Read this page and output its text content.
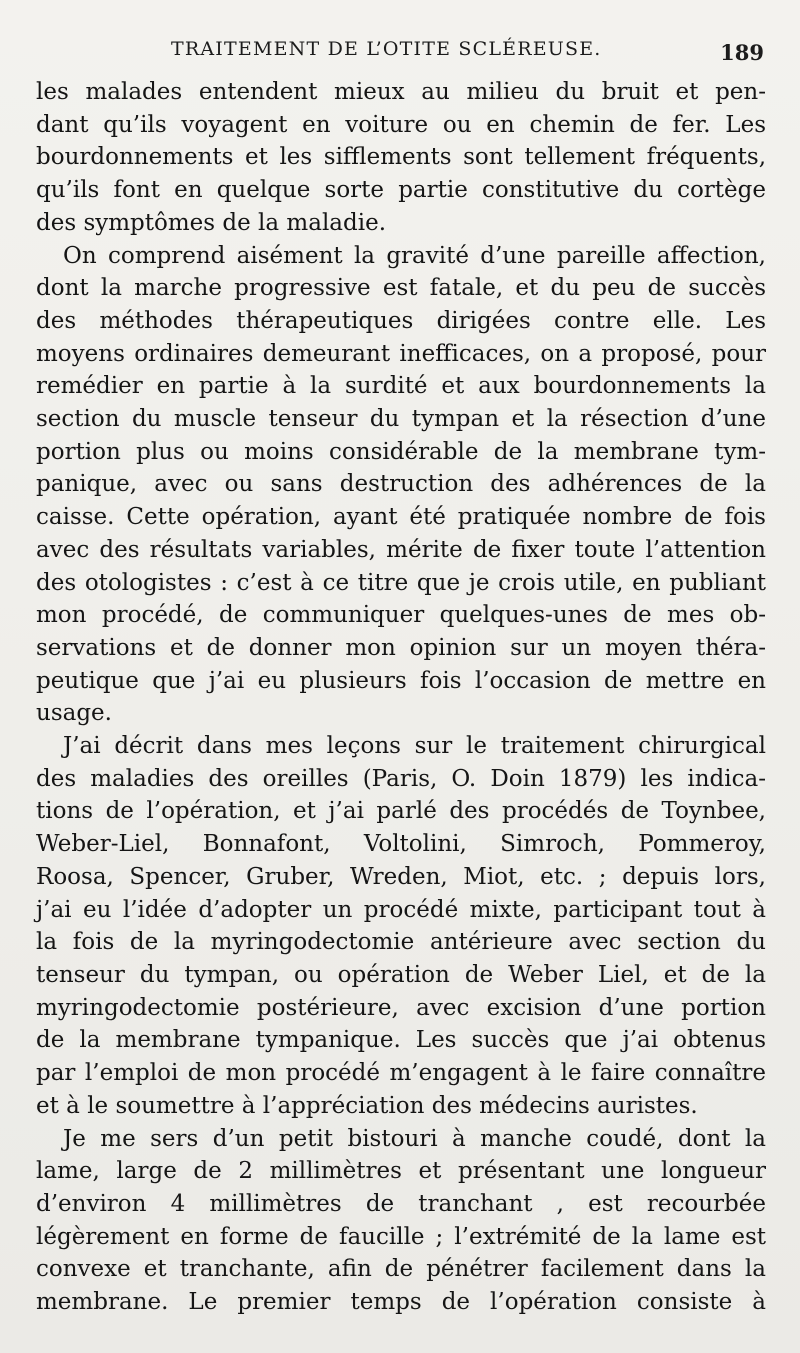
TRAITEMENT DE L’OTITE SCLÉREUSE.	189
les malades entendent mieux au milieu du bruit et pen-
dant qu’ils voyagent en voiture ou en chemin de fer. Les
bourdonnements et les sifflements sont tellement fréquents,
qu’ils font en quelque sorte partie constitutive du cortège
des symptômes de la maladie.
On comprend aisément la gravité d’une pareille affection,
dont la marche progressive est fatale, et du peu de succès
des méthodes thérapeutiques dirigées contre elle. Les
moyens ordinaires demeurant inefficaces, on a proposé, pour
remédier en partie à la surdité et aux bourdonnements la
section du muscle tenseur du tympan et la résection d’une
portion plus ou moins considérable de la membrane tym-
panique, avec ou sans destruction des adhérences de la
caisse. Cette opération, ayant été pratiquée nombre de fois
avec des résultats variables, mérite de fixer toute l’attention
des otologistes : c’est à ce titre que je crois utile, en publiant
mon procédé, de communiquer quelques-unes de mes ob-
servations et de donner mon opinion sur un moyen théra-
peutique que j’ai eu plusieurs fois l’occasion de mettre en
usage.
J’ai décrit dans mes leçons sur le traitement chirurgical
des maladies des oreilles (Paris, O. Doin 1879) les indica-
tions de l’opération, et j’ai parlé des procédés de Toynbee,
Weber-Liel, Bonnafont, Voltolini, Simroch, Pommeroy,
Roosa, Spencer, Gruber, Wreden, Miot, etc. ; depuis lors,
j’ai eu l’idée d’adopter un procédé mixte, participant tout à
la fois de la myringodectomie antérieure avec section du
tenseur du tympan, ou opération de Weber Liel, et de la
myringodectomie postérieure, avec excision d’une portion
de la membrane tympanique. Les succès que j’ai obtenus
par l’emploi de mon procédé m’engagent à le faire connaître
et à le soumettre à l’appréciation des médecins auristes.
Je me sers d’un petit bistouri à manche coudé, dont la
lame, large de 2 millimètres et présentant une longueur
d’environ 4 millimètres de tranchant , est recourbée
légèrement en forme de faucille ; l’extrémité de la lame est
convexe et tranchante, afin de pénétrer facilement dans la
membrane. Le premier temps de l’opération consiste à
